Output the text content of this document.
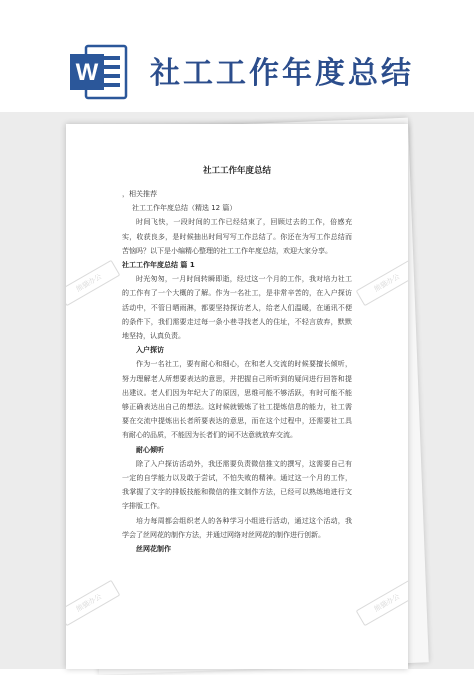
W 社工工作年度总结
社工工作年度总结

，相关推荐

社工工作年度总结（精选 12 篇）

时间飞快，一段时间的工作已经结束了，回顾过去的工作，倍感充实，收获良多，是时候抽出时间写写工作总结了。你还在为写工作总结而苦恼吗？以下是小编精心整理的社工工作年度总结，欢迎大家分享。

社工工作年度总结 篇 1

时光匆匆，一月时间转瞬即逝，经过这一个月的工作，我对培力社工的工作有了一个大概的了解。作为一名社工，是非常辛苦的，在入户探访活动中，不管日晒雨淋，都要坚持探访老人，给老人们温暖，在通讯不便的条件下，我们需要走过每一条小巷寻找老人的住址，不轻言放弃，默默地坚持，认真负责。

入户探访

作为一名社工，要有耐心和细心，在和老人交流的时候要擅长倾听，努力理解老人所想要表达的意思，并把握自己所听到的疑问进行回答和提出建议。老人们因为年纪大了的原因，思维可能不够活跃，有时可能不能够正确表达出自己的想法。这时候就锻炼了社工提炼信息的能力，社工需要在交流中提炼出长者所要表达的意思，而在这个过程中，还需要社工具有耐心的品质，不能因为长者们的词不达意就放弃交流。

耐心倾听

除了入户探访活动外，我还需要负责微信推文的撰写，这需要自己有一定的自学能力以及敢于尝试，不怕失败的精神。通过这一个月的工作，我掌握了文字的排版技能和微信的推文制作方法，已经可以熟练地进行文字排版工作。

培力每周都会组织老人的各种学习小组进行活动，通过这个活动，我学会了丝网花的制作方法，并通过网络对丝网花的制作进行创新。

丝网花制作

熊猫办公	熊猫办公
熊猫办公	熊猫办公
